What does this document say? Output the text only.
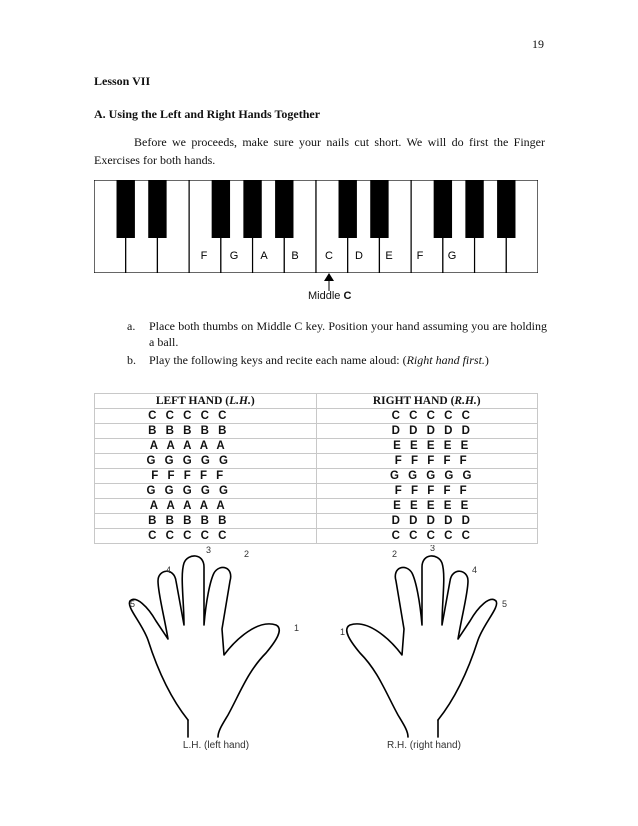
19
Lesson VII
A. Using the Left and Right Hands Together

Before we proceeds, make sure your nails cut short. We will do first the Finger Exercises for both hands.

F G A B C D E F G
Middle C
a.	Place both thumbs on Middle C key. Position your hand assuming you are holding a ball.
b.	Play the following keys and recite each name aloud: (Right hand first.)
LEFT HAND (L.H.)	RIGHT HAND (R.H.)
C C C C C	C C C C C
B B B B B	D D D D D
A A A A A	E E E E E
G G G G G	F F F F F
F F F F F	G G G G G
G G G G G	F F F F F
A A A A A	E E E E E
B B B B B	D D D D D
C C C C C	C C C C C
1
2
3
4
5
1
2
3
4
5
L.H. (left hand)	R.H. (right hand)
